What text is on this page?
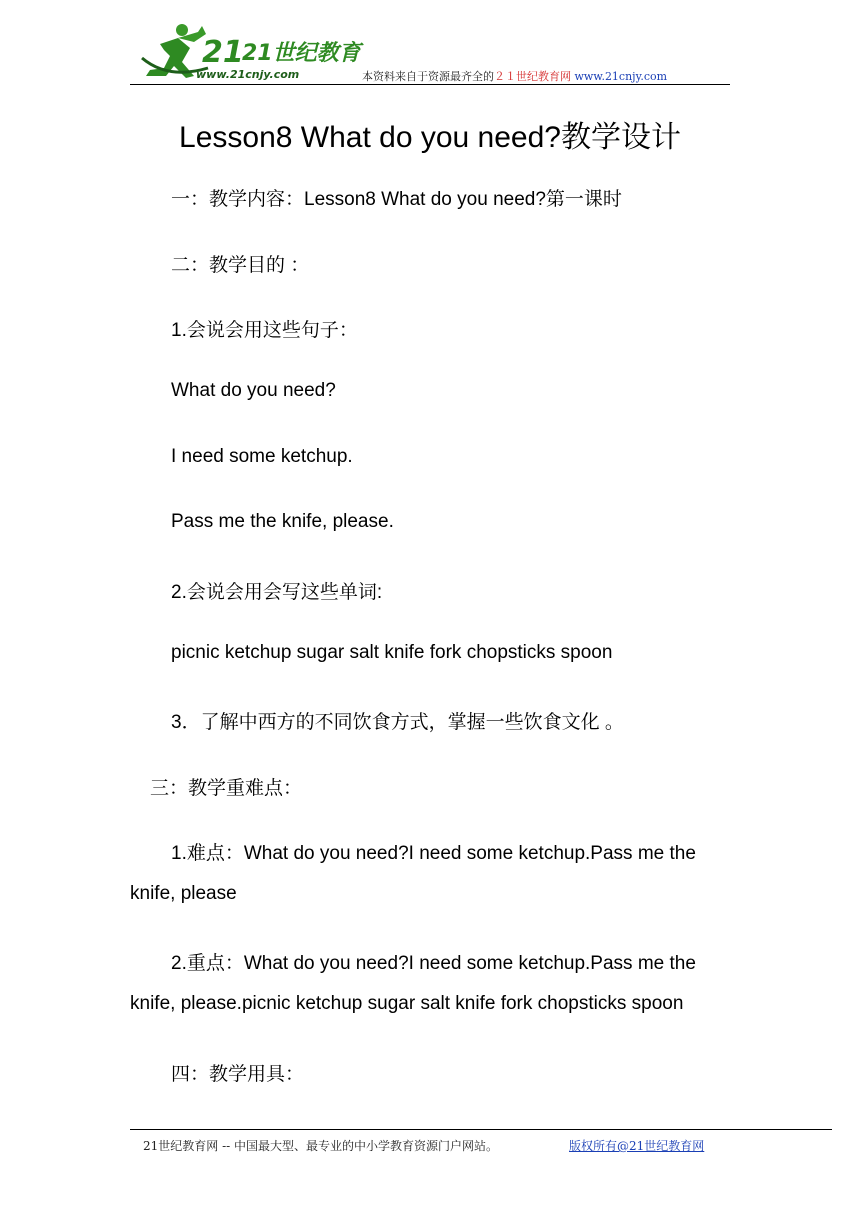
21
21世纪教育
www.21cnjy.com	本资料来自于资源最齐全的２１世纪教育网 www.21cnjy.com
Lesson8 What do you need?教学设计
一：教学内容：Lesson8 What do you need?第一课时
二：教学目的 ：
1.会说会用这些句子：
What do you need?
I need some ketchup.
Pass me the knife, please.
2.会说会用会写这些单词:
picnic ketchup sugar salt knife fork chopsticks spoon
3．了解中西方的不同饮食方式，掌握一些饮食文化 。
三：教学重难点：
1.难点：What do you need?I need some ketchup.Pass me the
knife, please
2.重点：What do you need?I need some ketchup.Pass me the
knife, please.picnic ketchup sugar salt knife fork chopsticks spoon
四：教学用具：
21世纪教育网 -- 中国最大型、最专业的中小学教育资源门户网站。	版权所有@21世纪教育网
